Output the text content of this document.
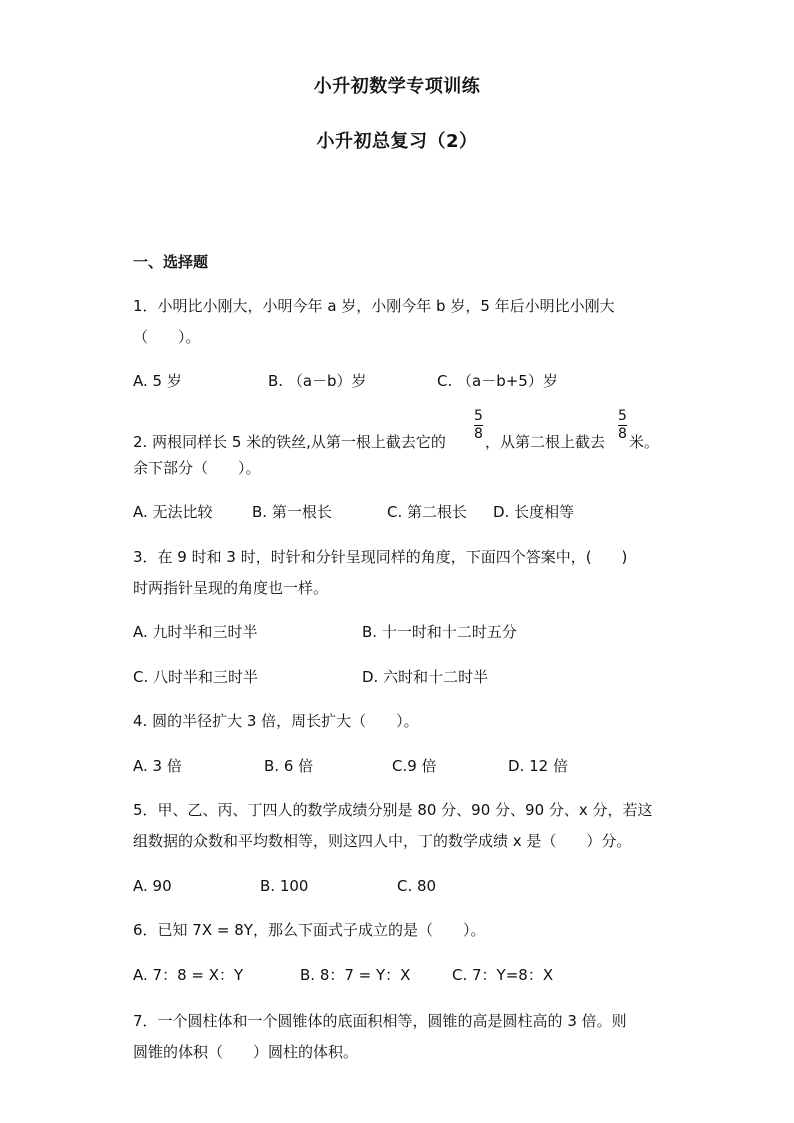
小升初数学专项训练
小升初总复习（2）
一、选择题
1．小明比小刚大，小明今年 a 岁，小刚今年 b 岁，5 年后小明比小刚大
（　　）。
A. 5 岁	B. （a－b）岁	C. （a－b+5）岁
2. 两根同样长 5 米的铁丝,从第一根上截去它的
5
8 ，从第二根上截去
5
8 米。
余下部分（　　）。
A. 无法比较	B. 第一根长	C. 第二根长 D. 长度相等
3．在 9 时和 3 时，时针和分针呈现同样的角度，下面四个答案中，(　　)
时两指针呈现的角度也一样。
A. 九时半和三时半	B. 十一时和十二时五分
C. 八时半和三时半	D. 六时和十二时半
4. 圆的半径扩大 3 倍，周长扩大（　　）。
A. 3 倍	B. 6 倍	C.9 倍	D. 12 倍
5．甲、乙、丙、丁四人的数学成绩分别是 80 分、90 分、90 分、x 分，若这
组数据的众数和平均数相等，则这四人中，丁的数学成绩 x 是（　　）分。
A. 90	B. 100	C. 80
6．已知 7X = 8Y，那么下面式子成立的是（　　）。
A. 7：8 = X：Y	B. 8：7 = Y：X	C. 7：Y=8：X
7．一个圆柱体和一个圆锥体的底面积相等，圆锥的高是圆柱高的 3 倍。则
圆锥的体积（　　）圆柱的体积。
